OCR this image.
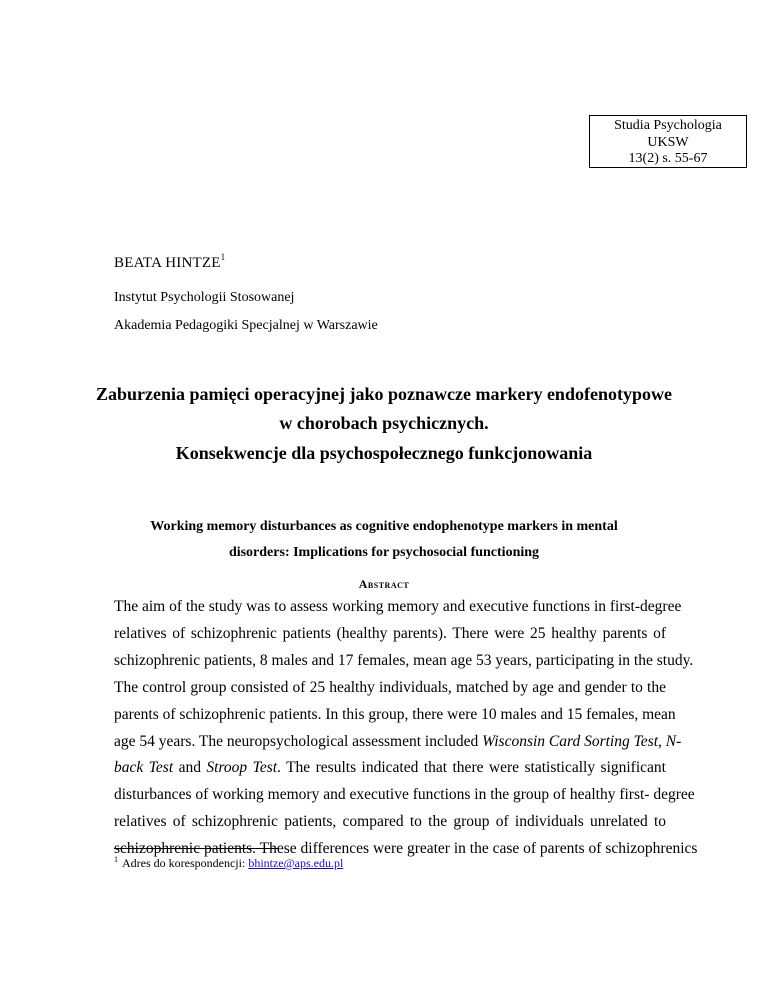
Studia Psychologia
UKSW
13(2) s. 55-67
BEATA HINTZE$^1$
Instytut Psychologii Stosowanej
Akademia Pedagogiki Specjalnej w Warszawie
Zaburzenia pamięci operacyjnej jako poznawcze markery endofenotypowe
w chorobach psychicznych.
Konsekwencje dla psychospołecznego funkcjonowania
Working memory disturbances as cognitive endophenotype markers in mental
disorders: Implications for psychosocial functioning
Abstract
The aim of the study was to assess working memory and executive functions in first-degree
relatives of schizophrenic patients (healthy parents). There were 25 healthy parents of
schizophrenic patients, 8 males and 17 females, mean age 53 years, participating in the study.
The control group consisted of 25 healthy individuals, matched by age and gender to the
parents of schizophrenic patients. In this group, there were 10 males and 15 females, mean
age 54 years. The neuropsychological assessment included Wisconsin Card Sorting Test, N-
back Test and Stroop Test. The results indicated that there were statistically significant
disturbances of working memory and executive functions in the group of healthy first- degree
relatives of schizophrenic patients, compared to the group of individuals unrelated to
schizophrenic patients. These differences were greater in the case of parents of schizophrenics
$^1$ Adres do korespondencji: bhintze@aps.edu.pl
